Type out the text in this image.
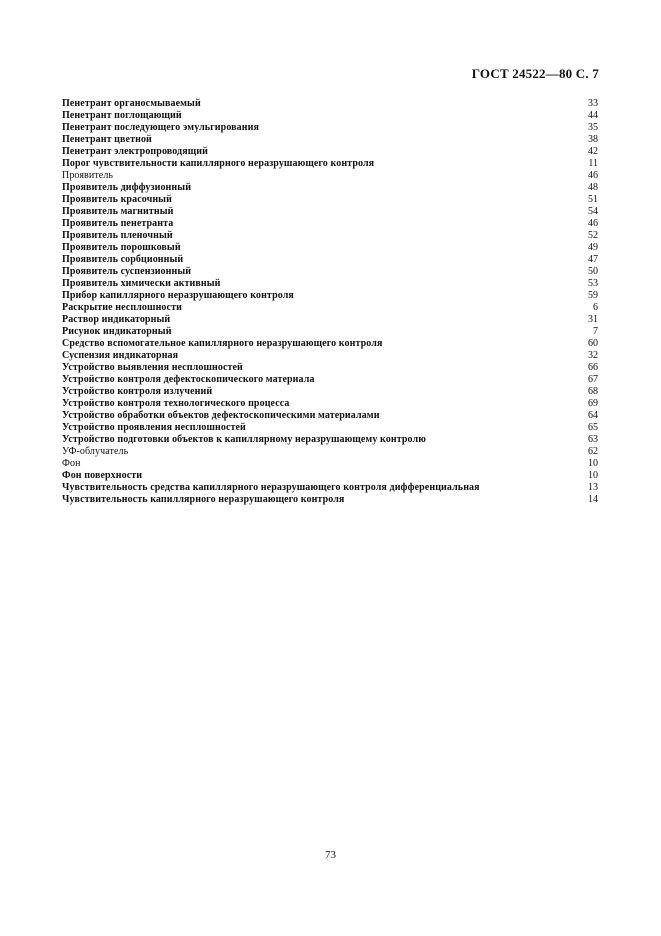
ГОСТ 24522—80 С. 7
Пенетрант органосмываемый	33
Пенетрант поглощающий	44
Пенетрант последующего эмульгирования	35
Пенетрант цветной	38
Пенетрант электропроводящий	42
Порог чувствительности капиллярного неразрушающего контроля	11
Проявитель	46
Проявитель диффузионный	48
Проявитель красочный	51
Проявитель магнитный	54
Проявитель пенетранта	46
Проявитель пленочный	52
Проявитель порошковый	49
Проявитель сорбционный	47
Проявитель суспензионный	50
Проявитель химически активный	53
Прибор капиллярного неразрушающего контроля	59
Раскрытие несплошности	6
Раствор индикаторный	31
Рисунок индикаторный	7
Средство вспомогательное капиллярного неразрушающего контроля	60
Суспензия индикаторная	32
Устройство выявления несплошностей	66
Устройство контроля дефектоскопического материала	67
Устройство контроля излучений	68
Устройство контроля технологического процесса	69
Устройство обработки объектов дефектоскопическими материалами	64
Устройство проявления несплошностей	65
Устройство подготовки объектов к капиллярному неразрушающему контролю	63
УФ-облучатель	62
Фон	10
Фон поверхности	10
Чувствительность средства капиллярного неразрушающего контроля дифференциальная	13
Чувствительность капиллярного неразрушающего контроля	14
73
